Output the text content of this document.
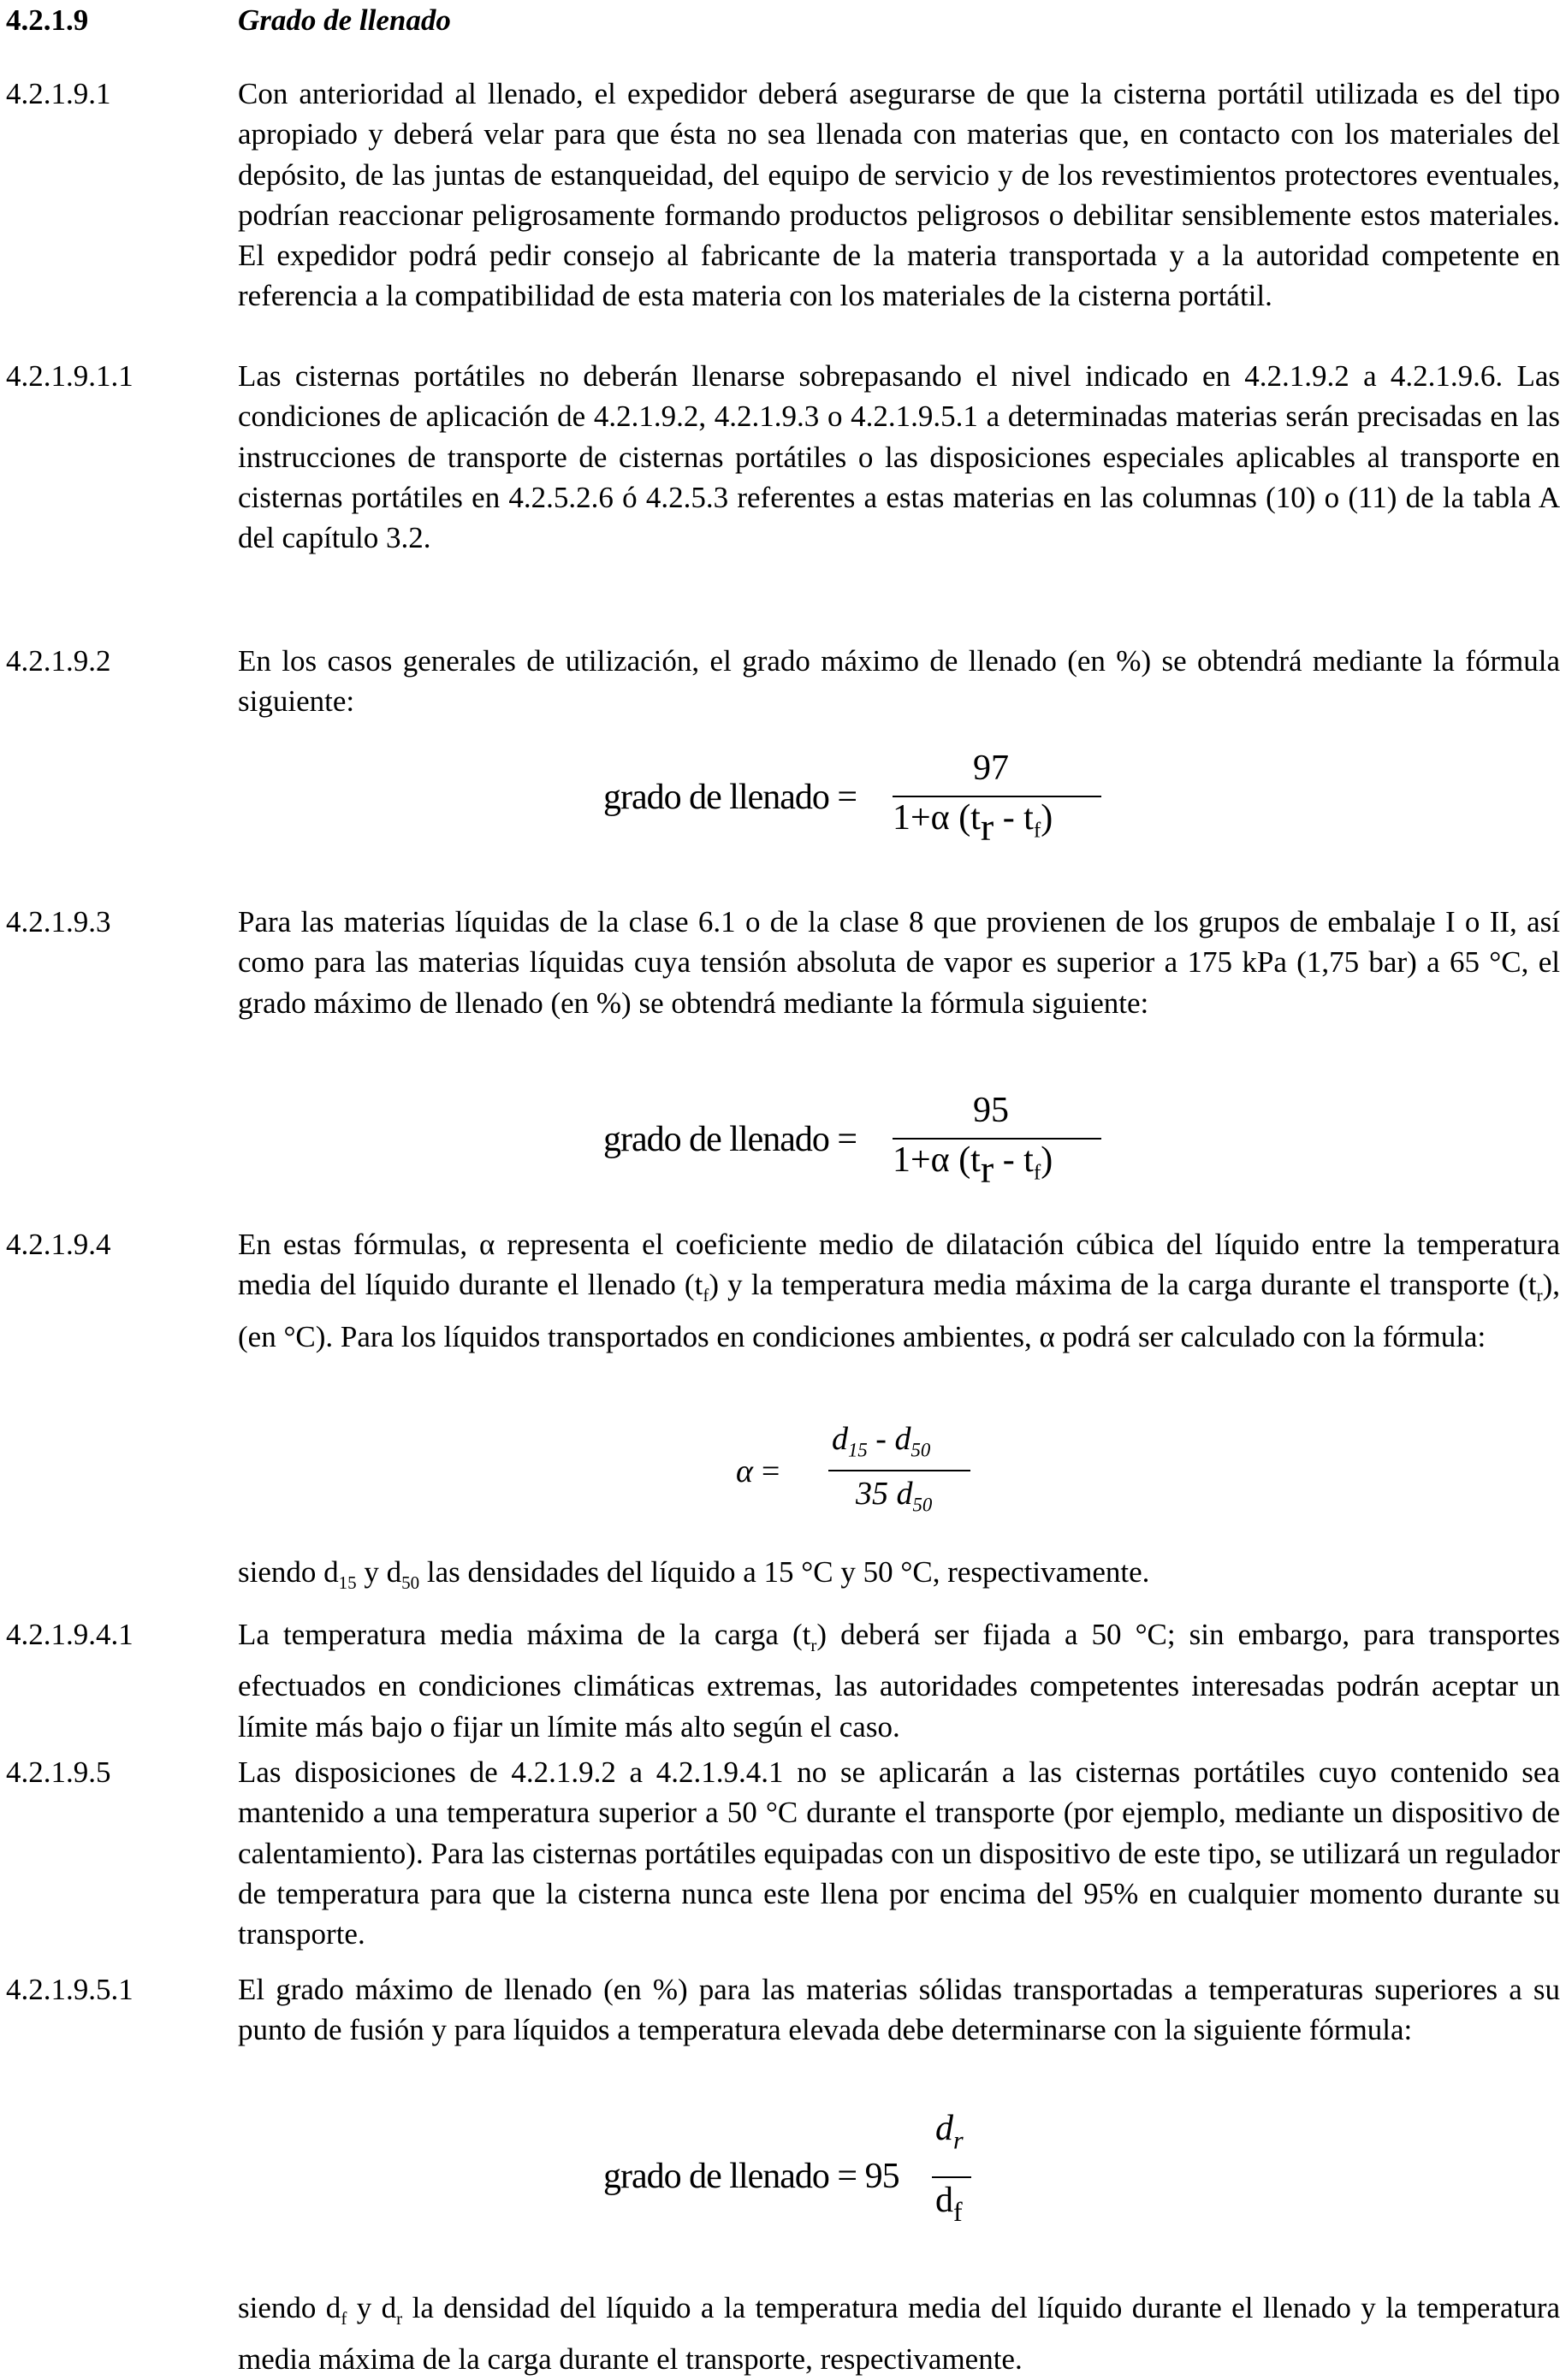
4.2.1.9	Grado de llenado
4.2.1.9.1	Con anterioridad al llenado, el expedidor deberá asegurarse de que la cisterna portátil utilizada es del tipo apropiado y deberá velar para que ésta no sea llenada con materias que, en contacto con los materiales del depósito, de las juntas de estanqueidad, del equipo de servicio y de los revestimientos protectores eventuales, podrían reaccionar peligrosamente formando productos peligrosos o debilitar sensiblemente estos materiales. El expedidor podrá pedir consejo al fabricante de la materia transportada y a la autoridad competente en referencia a la compatibilidad de esta materia con los materiales de la cisterna portátil.
4.2.1.9.1.1	Las cisternas portátiles no deberán llenarse sobrepasando el nivel indicado en 4.2.1.9.2 a 4.2.1.9.6. Las condiciones de aplicación de 4.2.1.9.2, 4.2.1.9.3 o 4.2.1.9.5.1 a determinadas materias serán precisadas en las instrucciones de transporte de cisternas portátiles o las disposiciones especiales aplicables al transporte en cisternas portátiles en 4.2.5.2.6 ó 4.2.5.3 referentes a estas materias en las columnas (10) o (11) de la tabla A del capítulo 3.2.
4.2.1.9.2	En los casos generales de utilización, el grado máximo de llenado (en %) se obtendrá mediante la fórmula siguiente:
grado de llenado =
97
1+α $(tr - t_f)$
4.2.1.9.3	Para las materias líquidas de la clase 6.1 o de la clase 8 que provienen de los grupos de embalaje I o II, así como para las materias líquidas cuya tensión absoluta de vapor es superior a 175 kPa (1,75 bar) a 65 °C, el grado máximo de llenado (en %) se obtendrá mediante la fórmula siguiente:
grado de llenado =
95
1+α $(tr - t_f)$
4.2.1.9.4	En estas fórmulas, α representa el coeficiente medio de dilatación cúbica del líquido entre la temperatura media del líquido durante el llenado $(t_f)$ y la temperatura media máxima de la carga durante el transporte $(t_r)$, (en °C). Para los líquidos transportados en condiciones ambientes, α podrá ser calculado con la fórmula:
α =
$d_{15} - d_{50}$
35 $d_{50}$
siendo $d_{15}$ y $d_{50}$ las densidades del líquido a 15 °C y 50 °C, respectivamente.
4.2.1.9.4.1	La temperatura media máxima de la carga $(t_r)$ deberá ser fijada a 50 °C; sin embargo, para transportes efectuados en condiciones climáticas extremas, las autoridades competentes interesadas podrán aceptar un límite más bajo o fijar un límite más alto según el caso.
4.2.1.9.5	Las disposiciones de 4.2.1.9.2 a 4.2.1.9.4.1 no se aplicarán a las cisternas portátiles cuyo contenido sea mantenido a una temperatura superior a 50 °C durante el transporte (por ejemplo, mediante un dispositivo de calentamiento). Para las cisternas portátiles equipadas con un dispositivo de este tipo, se utilizará un regulador de temperatura para que la cisterna nunca este llena por encima del 95% en cualquier momento durante su transporte.
4.2.1.9.5.1	El grado máximo de llenado (en %) para las materias sólidas transportadas a temperaturas superiores a su punto de fusión y para líquidos a temperatura elevada debe determinarse con la siguiente fórmula:
grado de llenado = 95
$d_r$
$d_f$
siendo $d_f$ y $d_r$ la densidad del líquido a la temperatura media del líquido durante el llenado y la temperatura media máxima de la carga durante el transporte, respectivamente.
